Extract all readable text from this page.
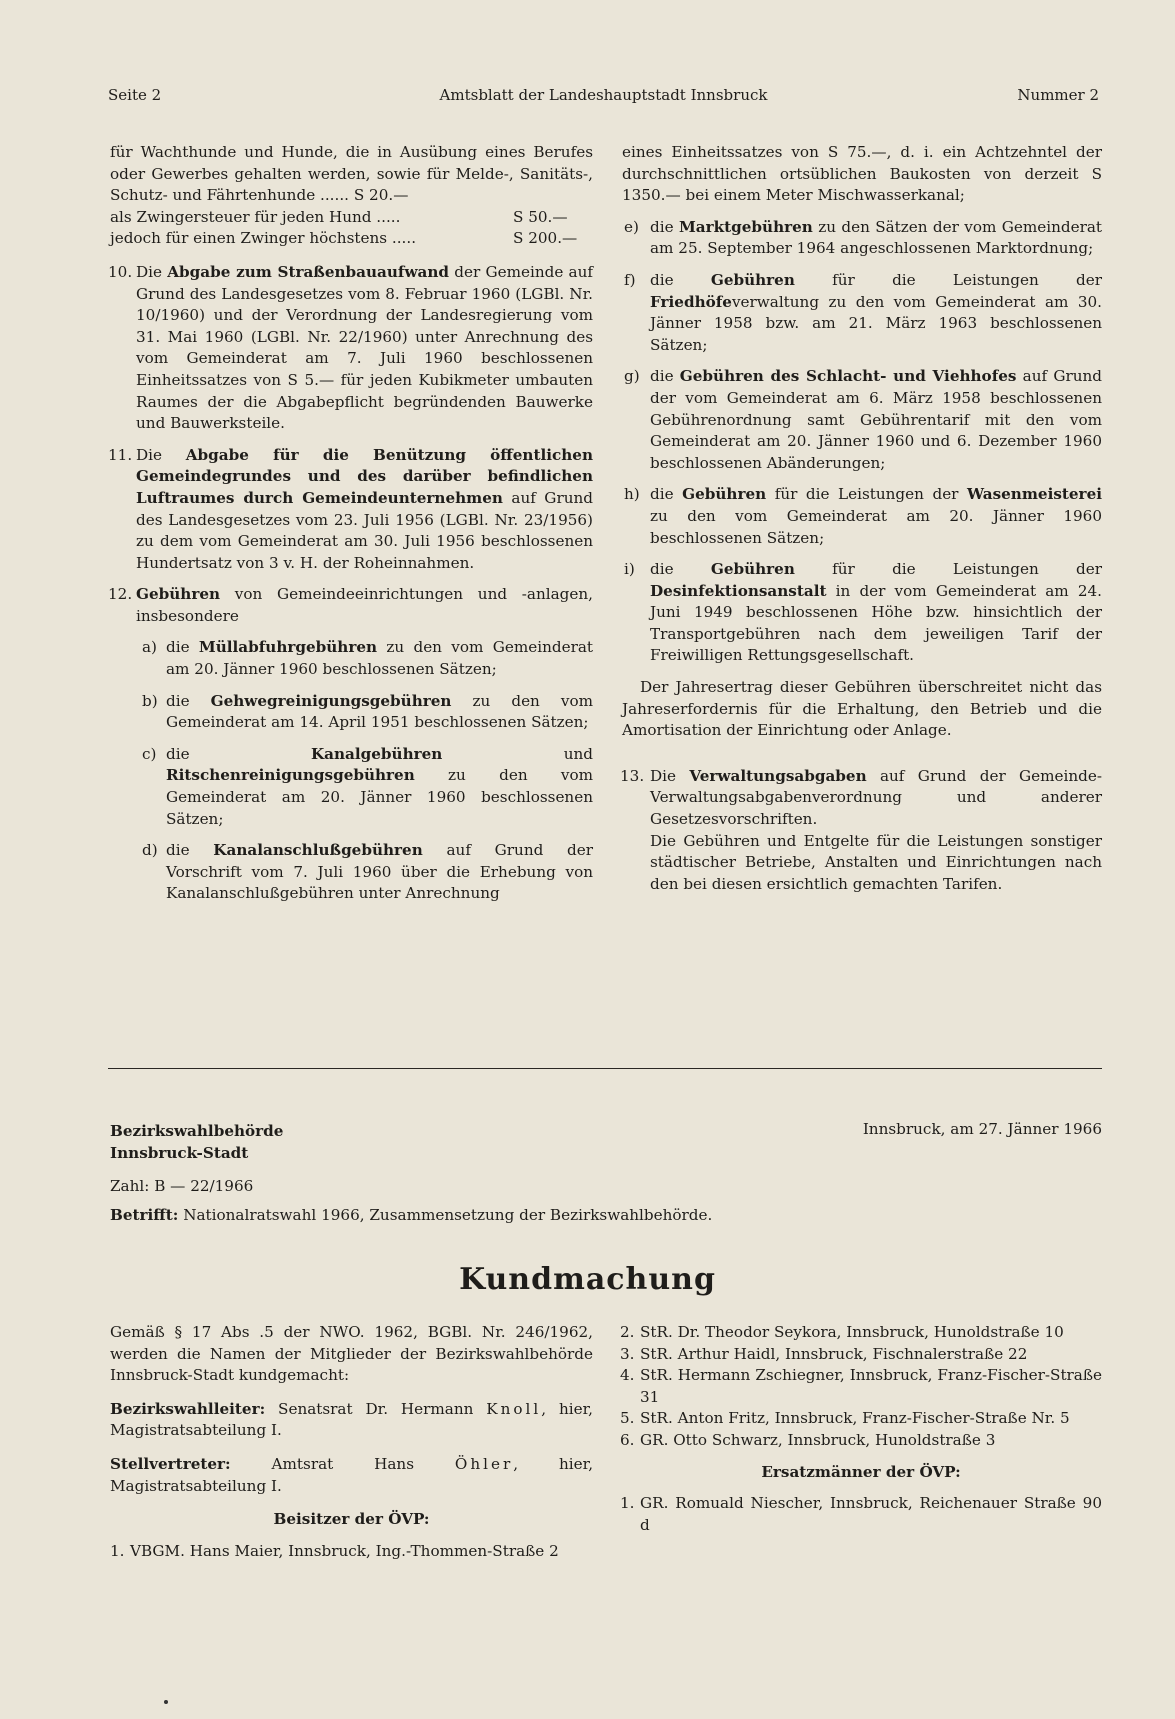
Seite 2	Amtsblatt der Landeshauptstadt Innsbruck	Nummer 2
für Wachthunde und Hunde, die in Ausübung eines Berufes oder Gewerbes gehalten werden, sowie für Melde-, Sanitäts-, Schutz- und Fährtenhunde ...... S 20.—
als Zwingersteuer für jeden Hund .....	S 50.—
jedoch für einen Zwinger höchstens .....	S 200.—
10. Die Abgabe zum Straßenbauaufwand der Gemeinde auf Grund des Landesgesetzes vom 8. Februar 1960 (LGBl. Nr. 10/1960) und der Verordnung der Landesregierung vom 31. Mai 1960 (LGBl. Nr. 22/1960) unter Anrechnung des vom Gemeinderat am 7. Juli 1960 beschlossenen Einheitssatzes von S 5.— für jeden Kubikmeter umbauten Raumes der die Abgabepflicht begründenden Bauwerke und Bauwerksteile.
11. Die Abgabe für die Benützung öffentlichen Gemeindegrundes und des darüber befindlichen Luftraumes durch Gemeindeunternehmen auf Grund des Landesgesetzes vom 23. Juli 1956 (LGBl. Nr. 23/1956) zu dem vom Gemeinderat am 30. Juli 1956 beschlossenen Hundertsatz von 3 v. H. der Roheinnahmen.
12. Gebühren von Gemeindeeinrichtungen und -anlagen, insbesondere
a) die Müllabfuhrgebühren zu den vom Gemeinderat am 20. Jänner 1960 beschlossenen Sätzen;
b) die Gehwegreinigungsgebühren zu den vom Gemeinderat am 14. April 1951 beschlossenen Sätzen;
c) die	Kanalgebühren	und Ritschenreinigungsgebühren zu den vom Gemeinderat am 20. Jänner 1960 beschlossenen Sätzen;
d) die Kanalanschlußgebühren auf Grund der Vorschrift vom 7. Juli 1960 über die Erhebung von Kanalanschlußgebühren unter Anrechnung
eines Einheitssatzes von S 75.—, d. i. ein Achtzehntel der durchschnittlichen ortsüblichen Baukosten von derzeit S 1350.— bei einem Meter Mischwasserkanal;
e) die Marktgebühren zu den Sätzen der vom Gemeinderat am 25. September 1964 angeschlossenen Marktordnung;
f) die Gebühren für die Leistungen der Friedhöfeverwaltung zu den vom Gemeinderat am 30. Jänner 1958 bzw. am 21. März 1963 beschlossenen Sätzen;
g) die Gebühren des Schlacht- und Viehhofes auf Grund der vom Gemeinderat am 6. März 1958 beschlossenen Gebührenordnung samt Gebührentarif mit den vom Gemeinderat am 20. Jänner 1960 und 6. Dezember 1960 beschlossenen Abänderungen;
h) die Gebühren für die Leistungen der Wasenmeisterei zu den vom Gemeinderat am 20. Jänner 1960 beschlossenen Sätzen;
i) die Gebühren für die Leistungen der Desinfektionsanstalt in der vom Gemeinderat am 24. Juni 1949 beschlossenen Höhe bzw. hinsichtlich der Transportgebühren nach dem jeweiligen Tarif der Freiwilligen Rettungsgesellschaft.
Der Jahresertrag dieser Gebühren überschreitet nicht das Jahreserfordernis für die Erhaltung, den Betrieb und die Amortisation der Einrichtung oder Anlage.
13. Die Verwaltungsabgaben auf Grund der Gemeinde-Verwaltungsabgabenverordnung und anderer Gesetzesvorschriften.
Die Gebühren und Entgelte für die Leistungen sonstiger städtischer Betriebe, Anstalten und Einrichtungen nach den bei diesen ersichtlich gemachten Tarifen.
Bezirkswahlbehörde
Innsbruck-Stadt
Innsbruck, am 27. Jänner 1966
Zahl: B — 22/1966
Betrifft: Nationalratswahl 1966, Zusammensetzung der Bezirkswahlbehörde.
Kundmachung

Gemäß § 17 Abs .5 der NWO. 1962, BGBl. Nr. 246/1962, werden die Namen der Mitglieder der Bezirkswahlbehörde Innsbruck-Stadt kundgemacht:

Bezirkswahlleiter: Senatsrat Dr. Hermann Knoll, hier, Magistratsabteilung I.

Stellvertreter:	Amtsrat Hans	Öhler, hier, Magistratsabteilung I.

Beisitzer der ÖVP:
1. VBGM. Hans Maier, Innsbruck, Ing.-Thommen-Straße 2
2. StR. Dr. Theodor Seykora, Innsbruck, Hunoldstraße 10
3. StR. Arthur Haidl, Innsbruck, Fischnalerstraße 22
4. StR. Hermann Zschiegner, Innsbruck, Franz-Fischer-Straße 31
5. StR. Anton Fritz, Innsbruck, Franz-Fischer-Straße Nr. 5
6. GR. Otto Schwarz, Innsbruck, Hunoldstraße 3
Ersatzmänner der ÖVP:
1. GR. Romuald Niescher, Innsbruck, Reichenauer Straße 90 d
